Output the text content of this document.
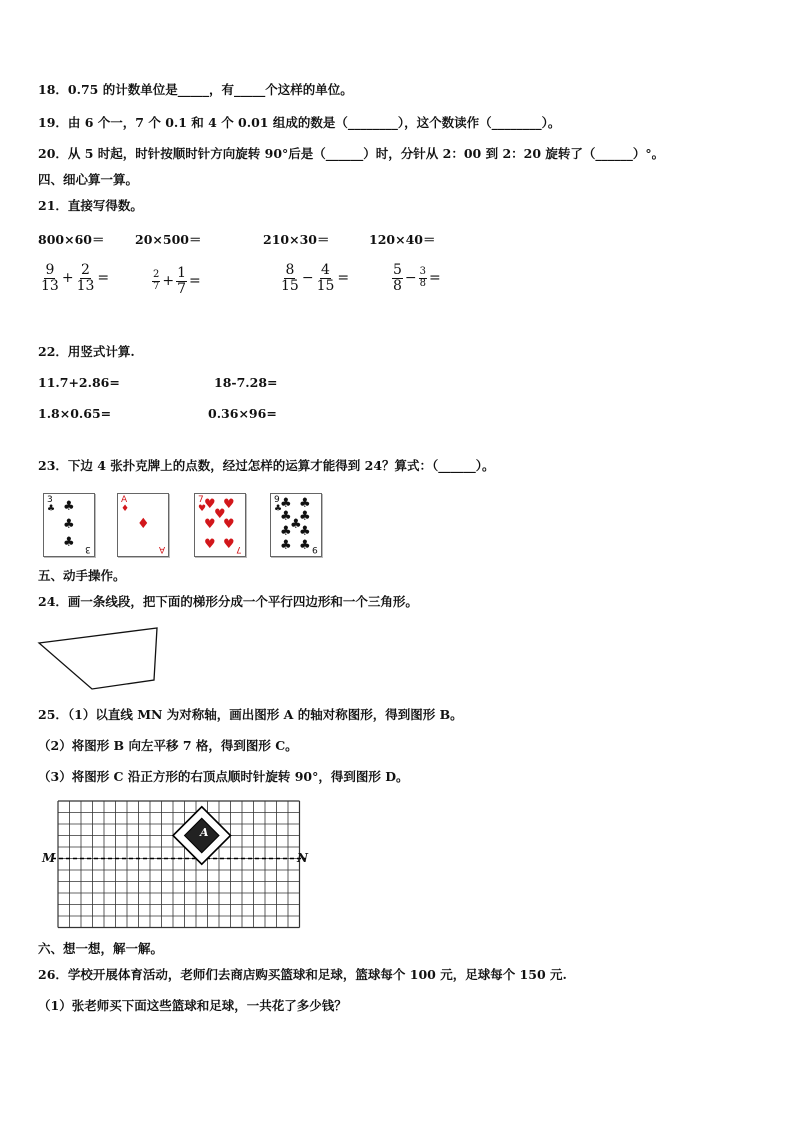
18．0.75 的计数单位是_____，有_____个这样的单位。
19．由 6 个一，7 个 0.1 和 4 个 0.01 组成的数是（________），这个数读作（________）。
20．从 5 时起，时针按顺时针方向旋转 90°后是（______）时，分针从 2：00 到 2：20 旋转了（______）°。
四、细心算一算。
21．直接写得数。
800×60＝ 20×500＝	210×30＝	120×40＝
$\frac{9}{13} + \frac{2}{13}$ =	$\frac{2}{7} + \frac{1}{7}$ =	$\frac{8}{15} - \frac{4}{15}$ =	$\frac{5}{8} - \frac{3}{8}$ =
22．用竖式计算.
11.7+2.86=	18-7.28=
1.8×0.65=	0.36×96=
23．下边 4 张扑克牌上的点数，经过怎样的运算才能得到 24？算式：（______）。
3
♣ ♣
♣
♣ 3
A
♦
♦
A
7
♥
♥ ♥
♥
♥ ♥
♥ ♥ 7
9
♣
♣ ♣
♣ ♣
♣
♣ ♣
♣ ♣ 9
五、动手操作。
24．画一条线段，把下面的梯形分成一个平行四边形和一个三角形。
25．（1）以直线 MN 为对称轴，画出图形 A 的轴对称图形，得到图形 B。
（2）将图形 B 向左平移 7 格，得到图形 C。
（3）将图形 C 沿正方形的右顶点顺时针旋转 90°，得到图形 D。
M	N
A
六、想一想，解一解。
26．学校开展体育活动，老师们去商店购买篮球和足球，篮球每个 100 元，足球每个 150 元.
（1）张老师买下面这些篮球和足球，一共花了多少钱？
